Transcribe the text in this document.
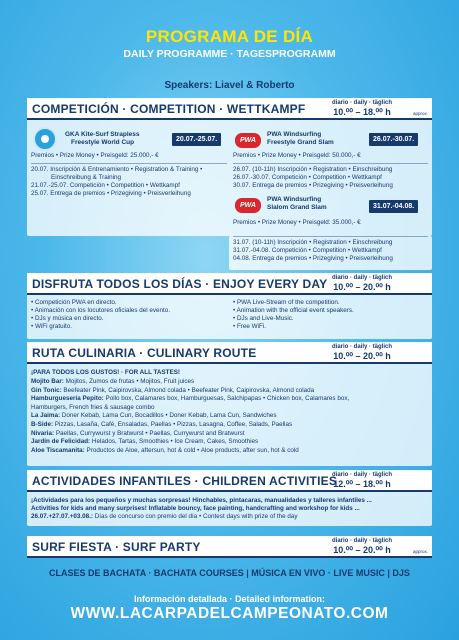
PROGRAMA DE DÍA
DAILY PROGRAMME · TAGESPROGRAMM
Speakers: Liavel & Roberto
COMPETICIÓN · COMPETITION · WETTKAMPF	diario · daily · täglich
10.⁰⁰ – 18.⁰⁰ h	approx.
GKA Kite-Surf Strapless
Freestyle World Cup	20.07.-25.07.
Premios • Prize Money • Preisgeld: 25.000,- €
20.07. Inscripción & Entrenamiento • Registration & Training •
Einschreibung & Training
21.07.-25.07. Competición • Competition • Wettkampf
25.07. Entrega de premios • Prizegiving • Preisverleihung
PWA
PWA Windsurfing
Freestyle Grand Slam	26.07.-30.07.
Premios • Prize Money • Preisgeld: 50.000,- €
26.07. (10-11h) Inscripción • Registration • Einschreibung
26.07.-30.07. Competición • Competition • Wettkampf
30.07. Entrega de premios • Prizegiving • Preisverleihung
PWA
PWA Windsurfing
Slalom Grand Slam	31.07.-04.08.
Premios • Prize Money • Preisgeld: 35.000,- €
31.07. (10-11h) Inscripción • Registration • Einschreibung
31.07.-04.08. Competición • Competition • Wettkampf
04.08. Entrega de premios • Prizegiving • Preisverleihung
DISFRUTA TODOS LOS DÍAS · ENJOY EVERY DAY diario · daily · täglich
10.⁰⁰ – 20.⁰⁰ h
• Competición PWA en directo.
• Animación con los locutores oficiales del evento.
• DJs y música en directo.
• WiFi gratuito.
• PWA Live-Stream of the competition.
• Animation with the official event speakers.
• DJs and Live-Music.
• Free WiFi.
RUTA CULINARIA · CULINARY ROUTE	diario · daily · täglich
10.⁰⁰ – 20.⁰⁰ h
¡PARA TODOS LOS GUSTOS! · FOR ALL TASTES!
Mojito Bar: Mojitos, Zumos de frutas • Mojitos, Fruit juices
Gin Tonic: Beefeater Pink, Caipirovska, Almond colada • Beefeater Pink, Caipirovska, Almond colada
Hamburguesería Pepito: Pollo box, Calamares box, Hamburguesas, Salchipapas • Chicken box, Calamares box,
Hamburgers, French fries & sausage combo
La Jaima: Doner Kebab, Lama Cun, Bocadillos • Doner Kebab, Lama Cun, Sandwiches
B-Side: Pizzas, Lasaña, Café, Ensaladas, Paellas • Pizzas, Lasagna, Coffee, Salads, Paellas
Nivaria: Paellas, Currywurst y Bratwurst • Paellas, Currywurst and Bratwurst
Jardín de Felicidad: Helados, Tartas, Smoothies • Ice Cream, Cakes, Smoothies
Aloe Tiscamanita: Productos de Aloe, aftersun, hot & cold • Aloe products, after sun, hot & cold
ACTIVIDADES INFANTILES · CHILDREN ACTIVITIES
diario · daily · täglich
12.⁰⁰ – 18.⁰⁰ h
¡Actividades para los pequeños y muchas sorpresas! Hinchables, pintacaras, manualidades y talleres infantiles ...
Activities for kids and many surprises! Inflatable bouncy, face painting, handcrafting and workshop for kids ...
26.07.+27.07.+03.08.: Días de concurso con premio del día • Contest days with prize of the day
SURF FIESTA · SURF PARTY	diario · daily · täglich
10.⁰⁰ – 20.⁰⁰ h	approx.
CLASES DE BACHATA · BACHATA COURSES | MÚSICA EN VIVO · LIVE MUSIC | DJS
Información detallada · Detailed information:
WWW.LACARPADELCAMPEONATO.COM
